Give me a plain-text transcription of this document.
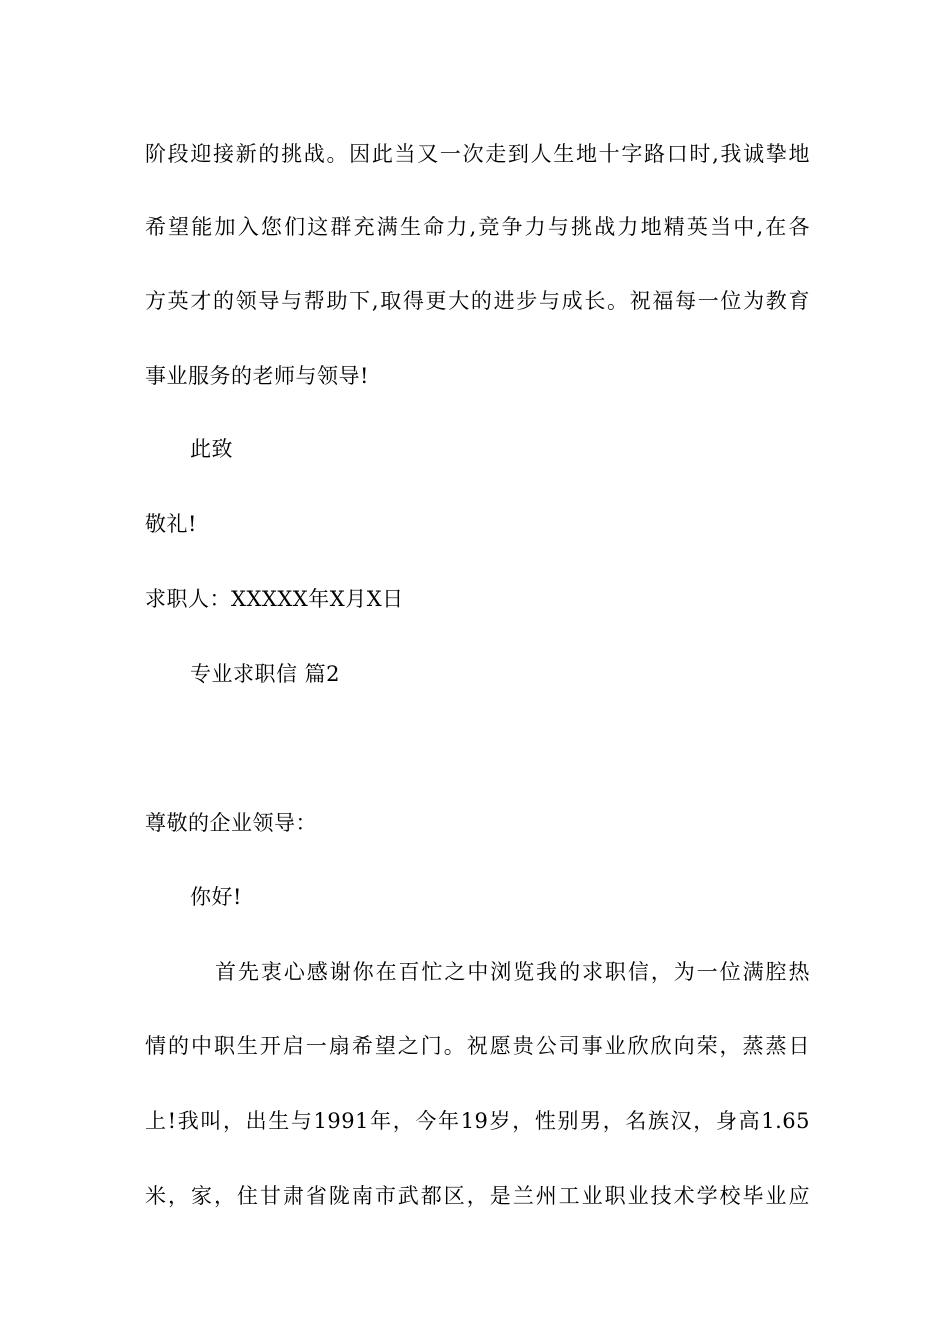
阶段迎接新的挑战。因此当又一次走到人生地十字路口时,我诚挚地
希望能加入您们这群充满生命力,竞争力与挑战力地精英当中,在各
方英才的领导与帮助下,取得更大的进步与成长。祝福每一位为教育
事业服务的老师与领导!
此致
敬礼!
求职人：XXXXX年X月X日
专业求职信 篇2
尊敬的企业领导：
你好!
首先衷心感谢你在百忙之中浏览我的求职信，为一位满腔热
情的中职生开启一扇希望之门。祝愿贵公司事业欣欣向荣，蒸蒸日
上!我叫，出生与1991年，今年19岁，性别男，名族汉，身高1.65
米，家，住甘肃省陇南市武都区，是兰州工业职业技术学校毕业应
